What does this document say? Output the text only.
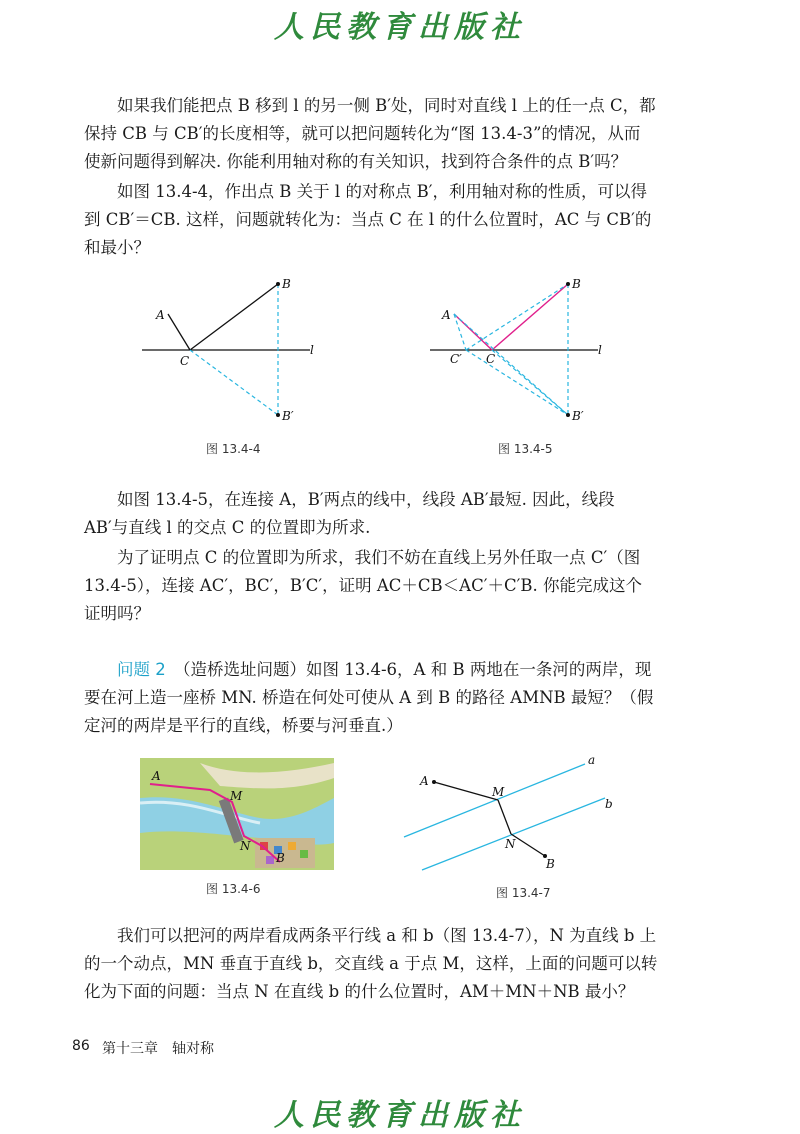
人民教育出版社
　　如果我们能把点 B 移到 l 的另一侧 B′处，同时对直线 l 上的任一点 C，都
保持 CB 与 CB′的长度相等，就可以把问题转化为“图 13.4-3”的情况，从而
使新问题得到解决. 你能利用轴对称的有关知识，找到符合条件的点 B′吗？
　　如图 13.4-4，作出点 B 关于 l 的对称点 B′，利用轴对称的性质，可以得
到 CB′＝CB. 这样，问题就转化为：当点 C 在 l 的什么位置时，AC 与 CB′的
和最小？
A
B
C
B′
l
图 13.4-4
A
B
C
C′
B′
l
图 13.4-5
　　如图 13.4-5，在连接 A，B′两点的线中，线段 AB′最短. 因此，线段
AB′与直线 l 的交点 C 的位置即为所求.
　　为了证明点 C 的位置即为所求，我们不妨在直线上另外任取一点 C′（图
13.4-5），连接 AC′，BC′，B′C′，证明 AC＋CB＜AC′＋C′B. 你能完成这个
证明吗？
　　问题 2　 （造桥选址问题）如图 13.4-6，A 和 B 两地在一条河的两岸，现
要在河上造一座桥 MN. 桥造在何处可使从 A 到 B 的路径 AMNB 最短？（假
定河的两岸是平行的直线，桥要与河垂直.）
A
M
N
B
图 13.4-6
A
M
N
B
a
b
图 13.4-7
　　我们可以把河的两岸看成两条平行线 a 和 b（图 13.4-7），N 为直线 b 上
的一个动点，MN 垂直于直线 b，交直线 a 于点 M，这样，上面的问题可以转
化为下面的问题：当点 N 在直线 b 的什么位置时，AM＋MN＋NB 最小？
86 第十三章　轴对称
人民教育出版社
